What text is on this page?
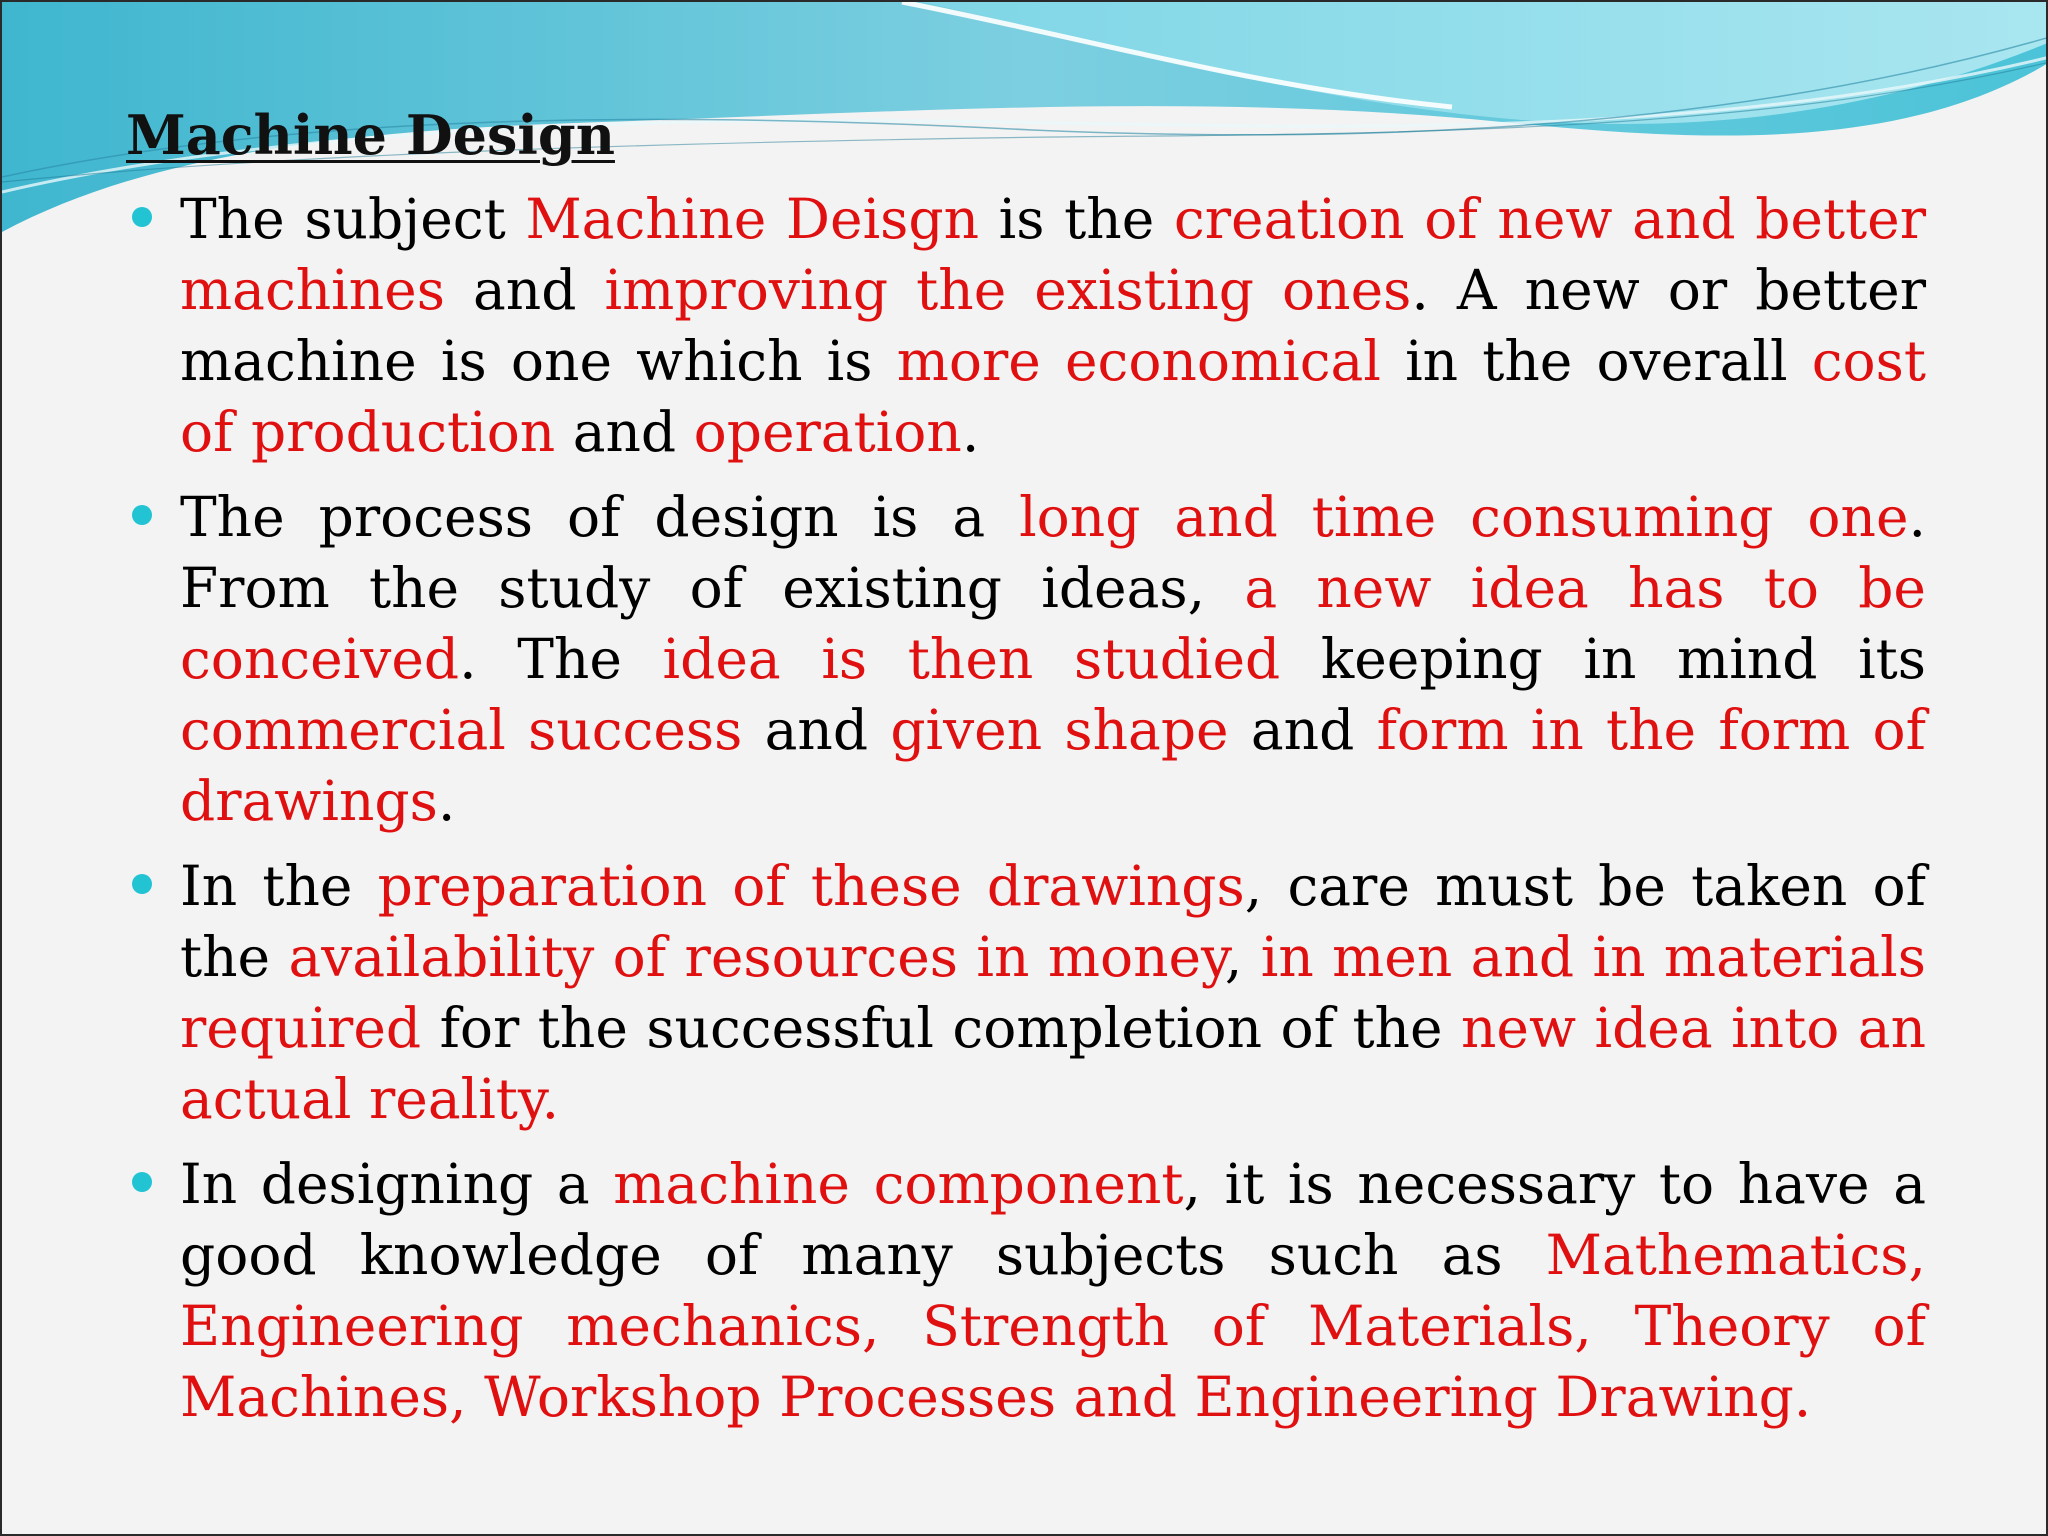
Machine Design
The subject Machine Deisgn is the creation of new and better machines and improving the existing ones. A new or better machine is one which is more economical in the overall cost of production and operation.
The process of design is a long and time consuming one. From the study of existing ideas, a new idea has to be conceived. The idea is then studied keeping in mind its commercial success and given shape and form in the form of drawings.
In the preparation of these drawings, care must be taken of the availability of resources in money, in men and in materials required for the successful completion of the new idea into an actual reality.
In designing a machine component, it is necessary to have a good knowledge of many subjects such as Mathematics, Engineering mechanics, Strength of Materials, Theory of Machines, Workshop Processes and Engineering Drawing.
